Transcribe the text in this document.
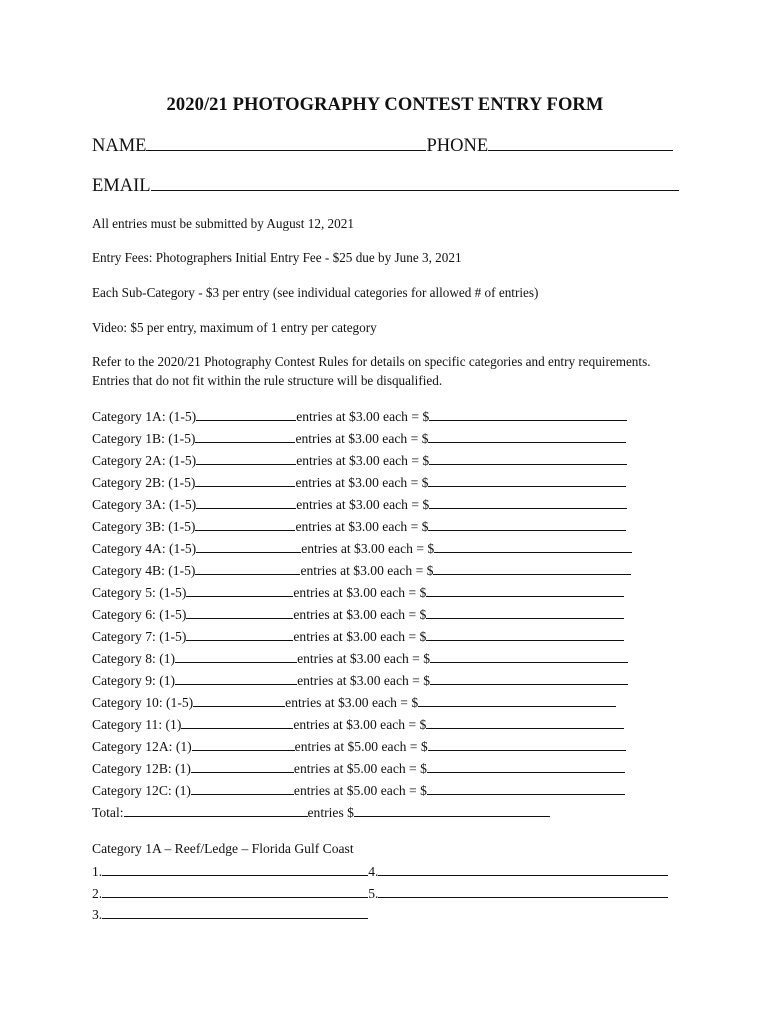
2020/21 PHOTOGRAPHY CONTEST ENTRY FORM
NAME	PHONE
EMAIL
All entries must be submitted by August 12, 2021
Entry Fees: Photographers Initial Entry Fee - $25 due by June 3, 2021
Each Sub-Category - $3 per entry (see individual categories for allowed # of entries)
Video: $5 per entry, maximum of 1 entry per category
Refer to the 2020/21 Photography Contest Rules for details on specific categories and entry requirements. Entries that do not fit within the rule structure will be disqualified.
Category 1A: (1-5)	entries at $3.00 each = $
Category 1B: (1-5)	entries at $3.00 each = $
Category 2A: (1-5)	entries at $3.00 each = $
Category 2B: (1-5)	entries at $3.00 each = $
Category 3A: (1-5)	entries at $3.00 each = $
Category 3B: (1-5)	entries at $3.00 each = $
Category 4A: (1-5)	entries at $3.00 each = $
Category 4B: (1-5)	entries at $3.00 each = $
Category 5: (1-5)	entries at $3.00 each = $
Category 6: (1-5)	entries at $3.00 each = $
Category 7: (1-5)	entries at $3.00 each = $
Category 8: (1)	entries at $3.00 each = $
Category 9: (1)	entries at $3.00 each = $
Category 10: (1-5)	entries at $3.00 each = $
Category 11: (1)	entries at $3.00 each = $
Category 12A: (1)	entries at $5.00 each = $
Category 12B: (1)	entries at $5.00 each = $
Category 12C: (1)	entries at $5.00 each = $
Total:	entries $
Category 1A – Reef/Ledge – Florida Gulf Coast
1.	4.
2.	5.
3.
